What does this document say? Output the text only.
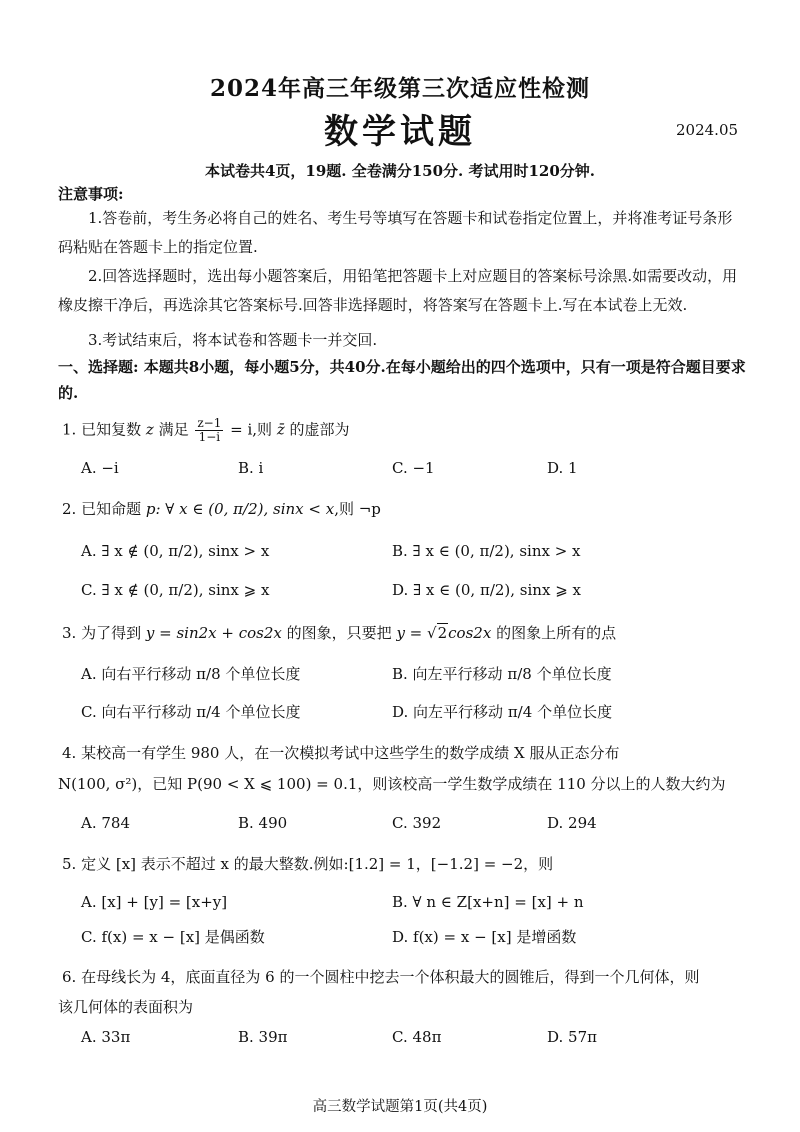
2024年高三年级第三次适应性检测
数学试题	2024.05
本试卷共4页，19题. 全卷满分150分. 考试用时120分钟.
注意事项:
1.答卷前，考生务必将自己的姓名、考生号等填写在答题卡和试卷指定位置上，并将准考证号条形码粘贴在答题卡上的指定位置.
2.回答选择题时，选出每小题答案后，用铅笔把答题卡上对应题目的答案标号涂黑.如需要改动，用橡皮擦干净后，再选涂其它答案标号.回答非选择题时，将答案写在答题卡上.写在本试卷上无效.
3.考试结束后，将本试卷和答题卡一并交回.
一、选择题: 本题共8小题，每小题5分，共40分.在每小题给出的四个选项中，只有一项是符合题目要求的.
1. 已知复数 z 满足 $\frac{z-1}{1-i} = i$,则 z̄ 的虚部为
A. −i	B. i	C. −1	D. 1
2. 已知命题 p: ∀ x ∈ (0, π/2), sinx < x,则 ¬p
A. ∃ x ∉ (0, π/2), sinx > x	B. ∃ x ∈ (0, π/2), sinx > x
C. ∃ x ∉ (0, π/2), sinx ⩾ x	D. ∃ x ∈ (0, π/2), sinx ⩾ x
3. 为了得到 y = sin2x + cos2x 的图象，只要把 y = √2cos2x 的图象上所有的点
A. 向右平行移动 π/8 个单位长度	B. 向左平行移动 π/8 个单位长度
C. 向右平行移动 π/4 个单位长度	D. 向左平行移动 π/4 个单位长度
4. 某校高一有学生 980 人，在一次模拟考试中这些学生的数学成绩 X 服从正态分布
N(100, σ²)，已知 P(90 < X ⩽ 100) = 0.1，则该校高一学生数学成绩在 110 分以上的人数大约为
A. 784	B. 490	C. 392	D. 294
5. 定义 [x] 表示不超过 x 的最大整数.例如:[1.2] = 1，[−1.2] = −2，则
A. [x] + [y] = [x+y]	B. ∀ n ∈ Z[x+n] = [x] + n
C. f(x) = x − [x] 是偶函数	D. f(x) = x − [x] 是增函数
6. 在母线长为 4，底面直径为 6 的一个圆柱中挖去一个体积最大的圆锥后，得到一个几何体，则
该几何体的表面积为
A. 33π	B. 39π	C. 48π	D. 57π
高三数学试题第1页(共4页)
